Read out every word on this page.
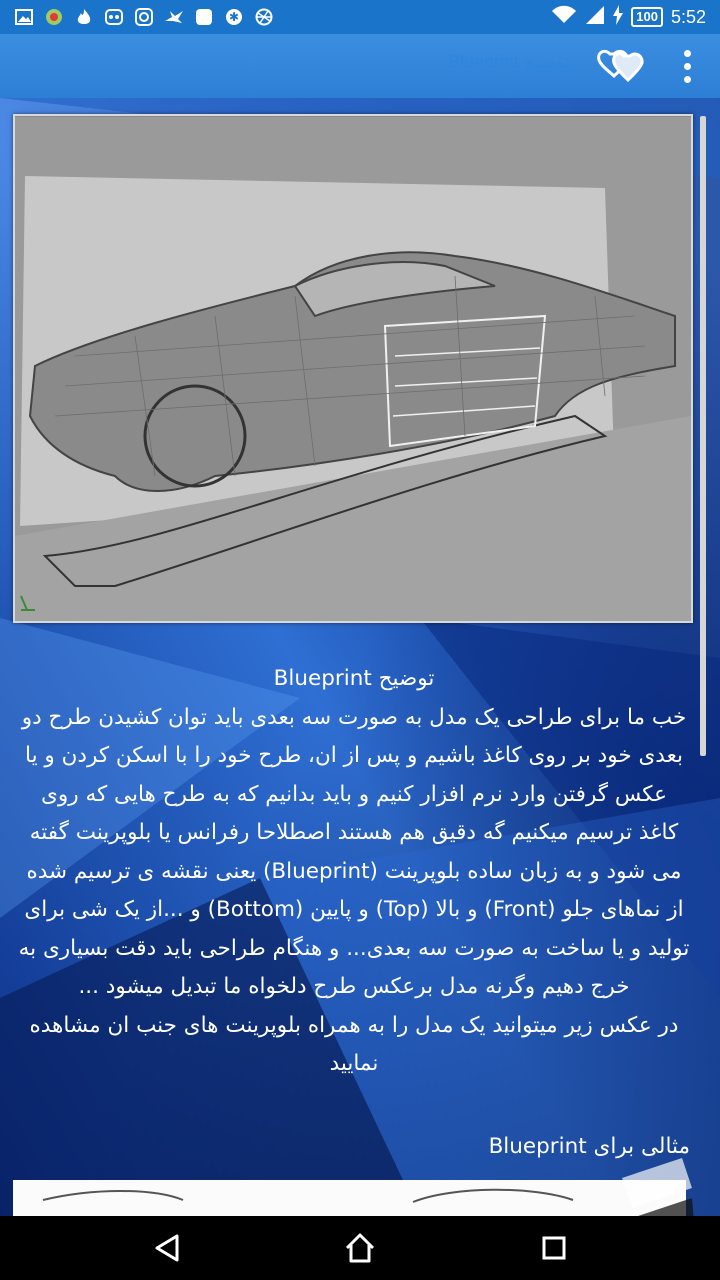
✱	100 5:52
توضیح Blueprint
توضیح Blueprint
خب ما برای طراحی یک مدل به صورت سه بعدی باید توان کشیدن طرح دو بعدی خود بر روی کاغذ باشیم و پس از ان، طرح خود را با اسکن کردن و یا عکس گرفتن وارد نرم افزار کنیم و باید بدانیم که به طرح هایی که روی کاغذ ترسیم میکنیم گه دقیق هم هستند اصطلاحا رفرانس یا بلوپرینت گفته می شود و به زبان ساده بلوپرینت (Blueprint) یعنی نقشه ی ترسیم شده از نماهای جلو (Front) و بالا (Top) و پایین (Bottom) و ...از یک شی برای تولید و یا ساخت به صورت سه بعدی... و هنگام طراحی باید دقت بسیاری به خرج دهیم وگرنه مدل برعکس طرح دلخواه ما تبدیل میشود ...
در عکس زیر میتوانید یک مدل را به همراه بلوپرینت های جنب ان مشاهده نمایید
مثالی برای Blueprint
